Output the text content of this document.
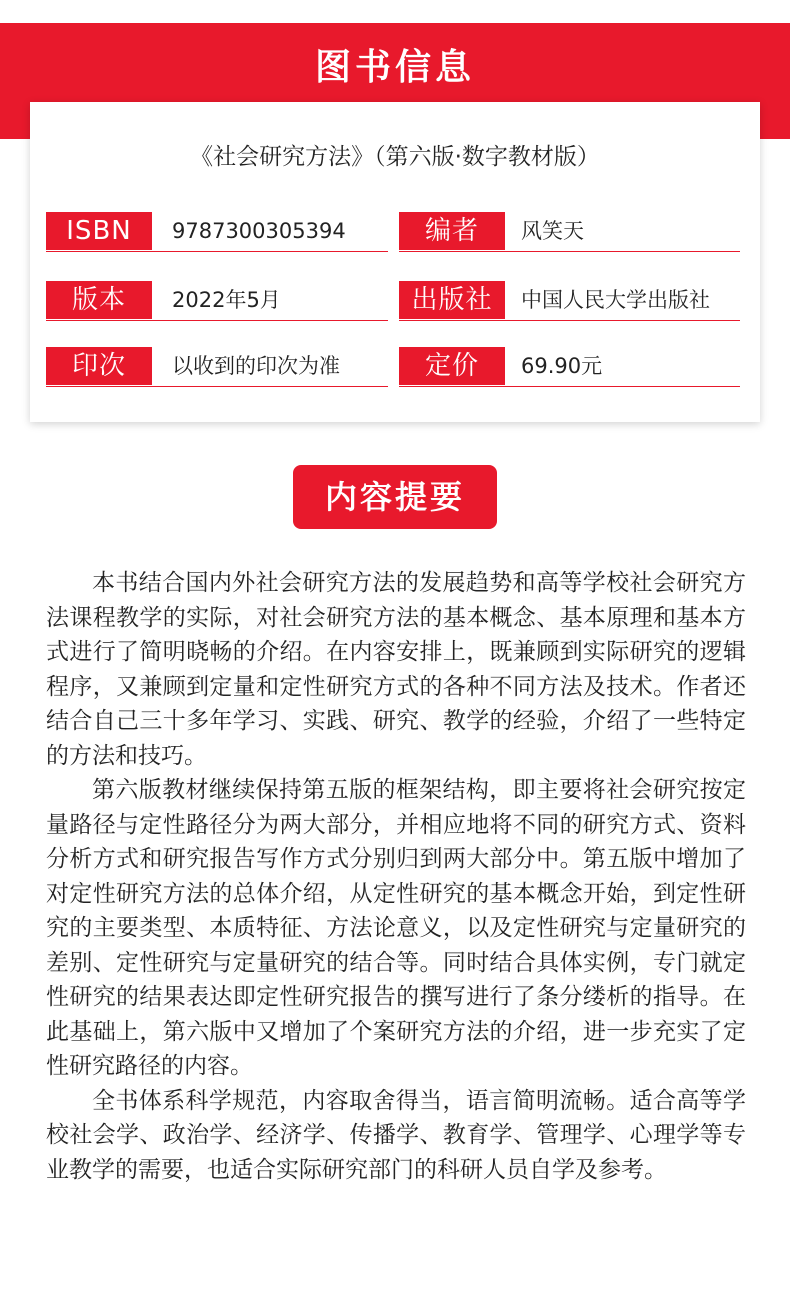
图书信息
《社会研究方法》（第六版·数字教材版）
ISBN	9787300305394	编者	风笑天
版本	2022年5月	出版社	中国人民大学出版社
印次	以收到的印次为准	定价	69.90元
内容提要

本书结合国内外社会研究方法的发展趋势和高等学校社会研究方法课程教学的实际，对社会研究方法的基本概念、基本原理和基本方式进行了简明晓畅的介绍。在内容安排上，既兼顾到实际研究的逻辑程序，又兼顾到定量和定性研究方式的各种不同方法及技术。作者还结合自己三十多年学习、实践、研究、教学的经验，介绍了一些特定的方法和技巧。

第六版教材继续保持第五版的框架结构，即主要将社会研究按定量路径与定性路径分为两大部分，并相应地将不同的研究方式、资料分析方式和研究报告写作方式分别归到两大部分中。第五版中增加了对定性研究方法的总体介绍，从定性研究的基本概念开始，到定性研究的主要类型、本质特征、方法论意义，以及定性研究与定量研究的差别、定性研究与定量研究的结合等。同时结合具体实例，专门就定性研究的结果表达即定性研究报告的撰写进行了条分缕析的指导。在此基础上，第六版中又增加了个案研究方法的介绍，进一步充实了定性研究路径的内容。

全书体系科学规范，内容取舍得当，语言简明流畅。适合高等学校社会学、政治学、经济学、传播学、教育学、管理学、心理学等专业教学的需要，也适合实际研究部门的科研人员自学及参考。
